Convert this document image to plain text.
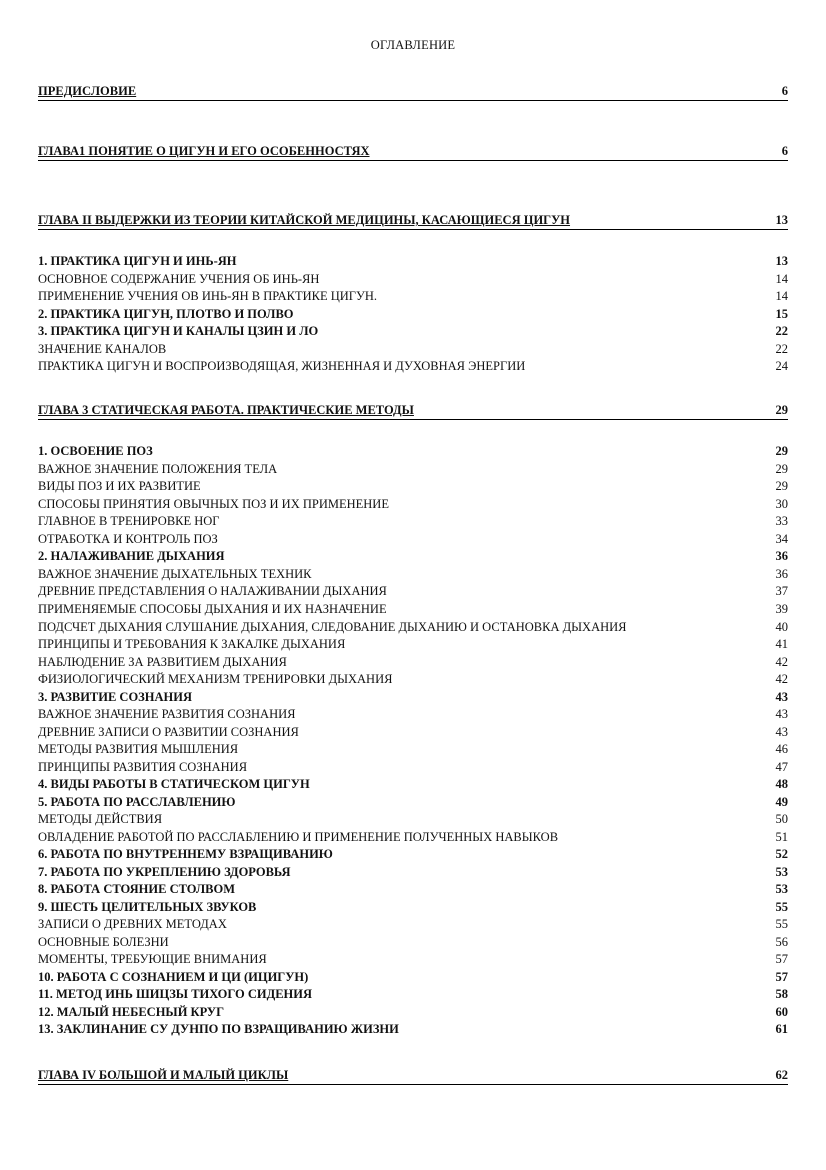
ОГЛАВЛЕНИЕ
ПРЕДИСЛОВИЕ	6
ГЛАВА1 ПОНЯТИЕ О ЦИГУН И ЕГО ОСОБЕННОСТЯХ	6
ГЛАВА II ВЫДЕРЖКИ ИЗ ТЕОРИИ КИТАЙСКОЙ МЕДИЦИНЫ, КАСАЮЩИЕСЯ ЦИГУН	13
1. ПРАКТИКА ЦИГУН И ИНЬ-ЯН	13
ОСНОВНОЕ СОДЕРЖАНИЕ УЧЕНИЯ ОБ ИНЬ-ЯН	14
ПРИМЕНЕНИЕ УЧЕНИЯ ОВ ИНЬ-ЯН В ПРАКТИКЕ ЦИГУН.	14
2. ПРАКТИКА ЦИГУН, ПЛОТВО И ПОЛВО	15
3. ПРАКТИКА ЦИГУН И КАНАЛЫ ЦЗИН И ЛО	22
ЗНАЧЕНИЕ КАНАЛОВ	22
ПРАКТИКА ЦИГУН И ВОСПРОИЗВОДЯЩАЯ, ЖИЗНЕННАЯ И ДУХОВНАЯ ЭНЕРГИИ	24
ГЛАВА 3 СТАТИЧЕСКАЯ РАБОТА. ПРАКТИЧЕСКИЕ МЕТОДЫ	29
1. ОСВОЕНИЕ ПОЗ	29
ВАЖНОЕ ЗНАЧЕНИЕ ПОЛОЖЕНИЯ ТЕЛА	29
ВИДЫ ПОЗ И ИХ РАЗВИТИЕ	29
СПОСОБЫ ПРИНЯТИЯ ОВЫЧНЫХ ПОЗ И ИХ ПРИМЕНЕНИЕ	30
ГЛАВНОЕ В ТРЕНИРОВКЕ НОГ	33
ОТРАБОТКА И КОНТРОЛЬ ПОЗ	34
2. НАЛАЖИВАНИЕ ДЫХАНИЯ	36
ВАЖНОЕ ЗНАЧЕНИЕ ДЫХАТЕЛЬНЫХ ТЕХНИК	36
ДРЕВНИЕ ПРЕДСТАВЛЕНИЯ О НАЛАЖИВАНИИ ДЫХАНИЯ	37
ПРИМЕНЯЕМЫЕ СПОСОБЫ ДЫХАНИЯ И ИХ НАЗНАЧЕНИЕ	39
ПОДСЧЕТ ДЫХАНИЯ СЛУШАНИЕ ДЫХАНИЯ, СЛЕДОВАНИЕ ДЫХАНИЮ И ОСТАНОВКА ДЫХАНИЯ	40
ПРИНЦИПЫ И ТРЕБОВАНИЯ К ЗАКАЛКЕ ДЫХАНИЯ	41
НАБЛЮДЕНИЕ ЗА РАЗВИТИЕМ ДЫХАНИЯ	42
ФИЗИОЛОГИЧЕСКИЙ МЕХАНИЗМ ТРЕНИРОВКИ ДЫХАНИЯ	42
3. РАЗВИТИЕ СОЗНАНИЯ	43
ВАЖНОЕ ЗНАЧЕНИЕ РАЗВИТИЯ СОЗНАНИЯ	43
ДРЕВНИЕ ЗАПИСИ О РАЗВИТИИ СОЗНАНИЯ	43
МЕТОДЫ РАЗВИТИЯ МЫШЛЕНИЯ	46
ПРИНЦИПЫ РАЗВИТИЯ СОЗНАНИЯ	47
4. ВИДЫ РАБОТЫ В СТАТИЧЕСКОМ ЦИГУН	48
5. РАБОТА ПО РАССЛАВЛЕНИЮ	49
МЕТОДЫ ДЕЙСТВИЯ	50
ОВЛАДЕНИЕ РАБОТОЙ ПО РАССЛАБЛЕНИЮ И ПРИМЕНЕНИЕ ПОЛУЧЕННЫХ НАВЫКОВ	51
6. РАБОТА ПО ВНУТРЕННЕМУ ВЗРАЩИВАНИЮ	52
7. РАБОТА ПО УКРЕПЛЕНИЮ ЗДОРОВЬЯ	53
8. РАБОТА СТОЯНИЕ СТОЛВОМ	53
9. ШЕСТЬ ЦЕЛИТЕЛЬНЫХ ЗВУКОВ	55
ЗАПИСИ О ДРЕВНИХ МЕТОДАХ	55
ОСНОВНЫЕ БОЛЕЗНИ	56
МОМЕНТЫ, ТРЕБУЮЩИЕ ВНИМАНИЯ	57
10. РАБОТА С СОЗНАНИЕМ И ЦИ (ИЦИГУН)	57
11. МЕТОД ИНЬ ШИЦЗЫ ТИХОГО СИДЕНИЯ	58
12. МАЛЫЙ НЕБЕСНЫЙ КРУГ	60
13. ЗАКЛИНАНИЕ СУ ДУНПО ПО ВЗРАЩИВАНИЮ ЖИЗНИ	61
ГЛАВА IV БОЛЬШОЙ И МАЛЫЙ ЦИКЛЫ	62
